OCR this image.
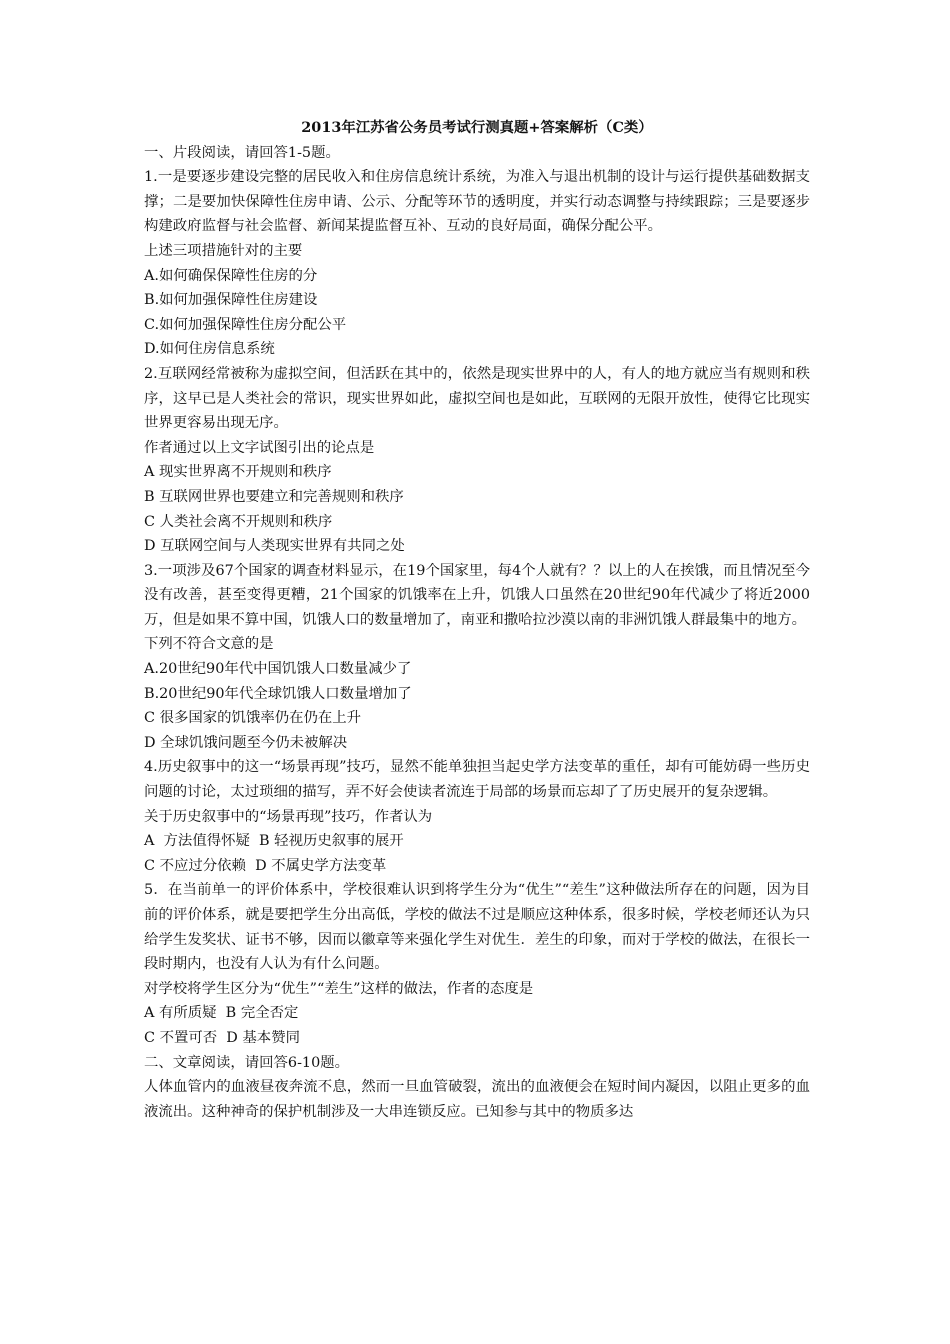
2013年江苏省公务员考试行测真题+答案解析（C类）

一、片段阅读，请回答1-5题。

1.一是要逐步建设完整的居民收入和住房信息统计系统，为准入与退出机制的设计与运行提供基础数据支撑；二是要加快保障性住房申请、公示、分配等环节的透明度，并实行动态调整与持续跟踪；三是要逐步构建政府监督与社会监督、新闻某提监督互补、互动的良好局面，确保分配公平。

上述三项措施针对的主要

A.如何确保保障性住房的分

B.如何加强保障性住房建设

C.如何加强保障性住房分配公平

D.如何住房信息系统

2.互联网经常被称为虚拟空间，但活跃在其中的，依然是现实世界中的人，有人的地方就应当有规则和秩序，这早已是人类社会的常识，现实世界如此，虚拟空间也是如此，互联网的无限开放性，使得它比现实世界更容易出现无序。

作者通过以上文字试图引出的论点是

A 现实世界离不开规则和秩序

B 互联网世界也要建立和完善规则和秩序

C 人类社会离不开规则和秩序

D 互联网空间与人类现实世界有共同之处

3.一项涉及67个国家的调查材料显示，在19个国家里，每4个人就有？？以上的人在挨饿，而且情况至今没有改善，甚至变得更糟，21个国家的饥饿率在上升，饥饿人口虽然在20世纪90年代减少了将近2000万，但是如果不算中国，饥饿人口的数量增加了，南亚和撒哈拉沙漠以南的非洲饥饿人群最集中的地方。

下列不符合文意的是

A.20世纪90年代中国饥饿人口数量减少了

B.20世纪90年代全球饥饿人口数量增加了

C 很多国家的饥饿率仍在仍在上升

D 全球饥饿问题至今仍未被解决

4.历史叙事中的这一“场景再现”技巧，显然不能单独担当起史学方法变革的重任，却有可能妨碍一些历史问题的讨论，太过琐细的描写，弄不好会使读者流连于局部的场景而忘却了了历史展开的复杂逻辑。

关于历史叙事中的“场景再现”技巧，作者认为

A  方法值得怀疑  B 轻视历史叙事的展开

C 不应过分依赖  D 不属史学方法变革

5．在当前单一的评价体系中，学校很难认识到将学生分为“优生”“差生”这种做法所存在的问题，因为目前的评价体系，就是要把学生分出高低，学校的做法不过是顺应这种体系，很多时候，学校老师还认为只给学生发奖状、证书不够，因而以徽章等来强化学生对优生．差生的印象，而对于学校的做法，在很长一段时期内，也没有人认为有什么问题。

对学校将学生区分为“优生”“差生”这样的做法，作者的态度是

A 有所质疑  B 完全否定

C 不置可否  D 基本赞同

二、文章阅读，请回答6-10题。

人体血管内的血液昼夜奔流不息，然而一旦血管破裂，流出的血液便会在短时间内凝因，以阻止更多的血液流出。这种神奇的保护机制涉及一大串连锁反应。已知参与其中的物质多达
